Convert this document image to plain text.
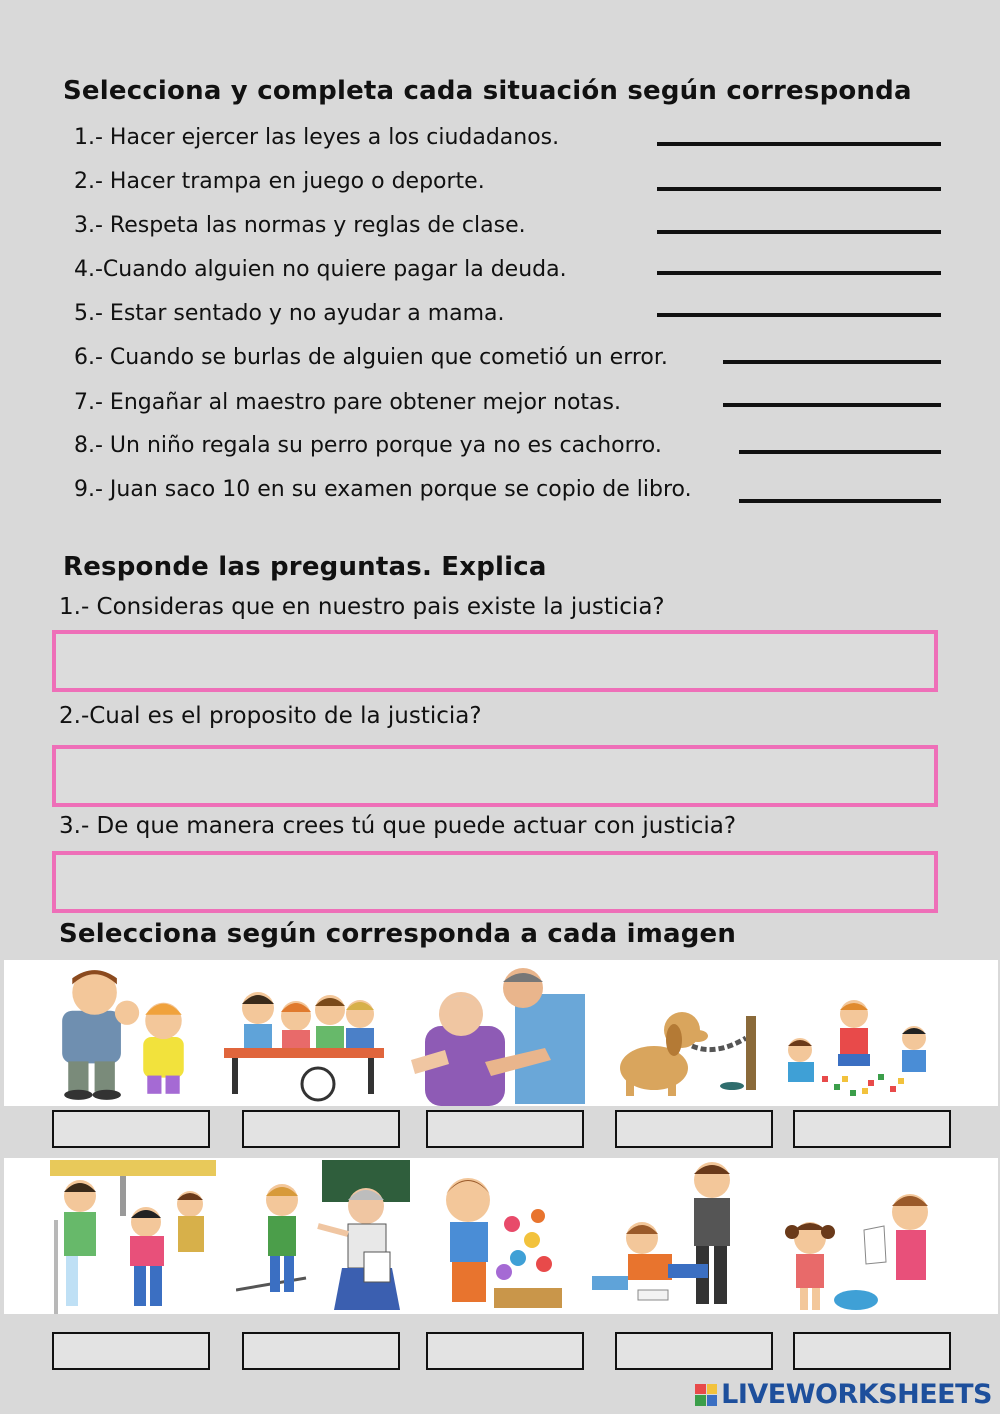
Selecciona y completa cada situación según corresponda
1.- Hacer ejercer las leyes a los ciudadanos.
2.- Hacer trampa en juego o deporte.
3.- Respeta las normas y reglas de clase.
4.-Cuando alguien no quiere pagar la deuda.
5.- Estar sentado y no ayudar a mama.
6.- Cuando se burlas de alguien que cometió un error.
7.- Engañar al maestro pare obtener mejor notas.
8.- Un niño regala su perro porque ya no es cachorro.
9.- Juan saco 10 en su examen porque se copio de libro.
Responde las preguntas. Explica
1.- Consideras que en nuestro pais existe la justicia?
2.-Cual es el proposito de la justicia?
3.- De que manera crees tú que puede actuar con justicia?
Selecciona según corresponda a cada imagen
LIVEWORKSHEETS
